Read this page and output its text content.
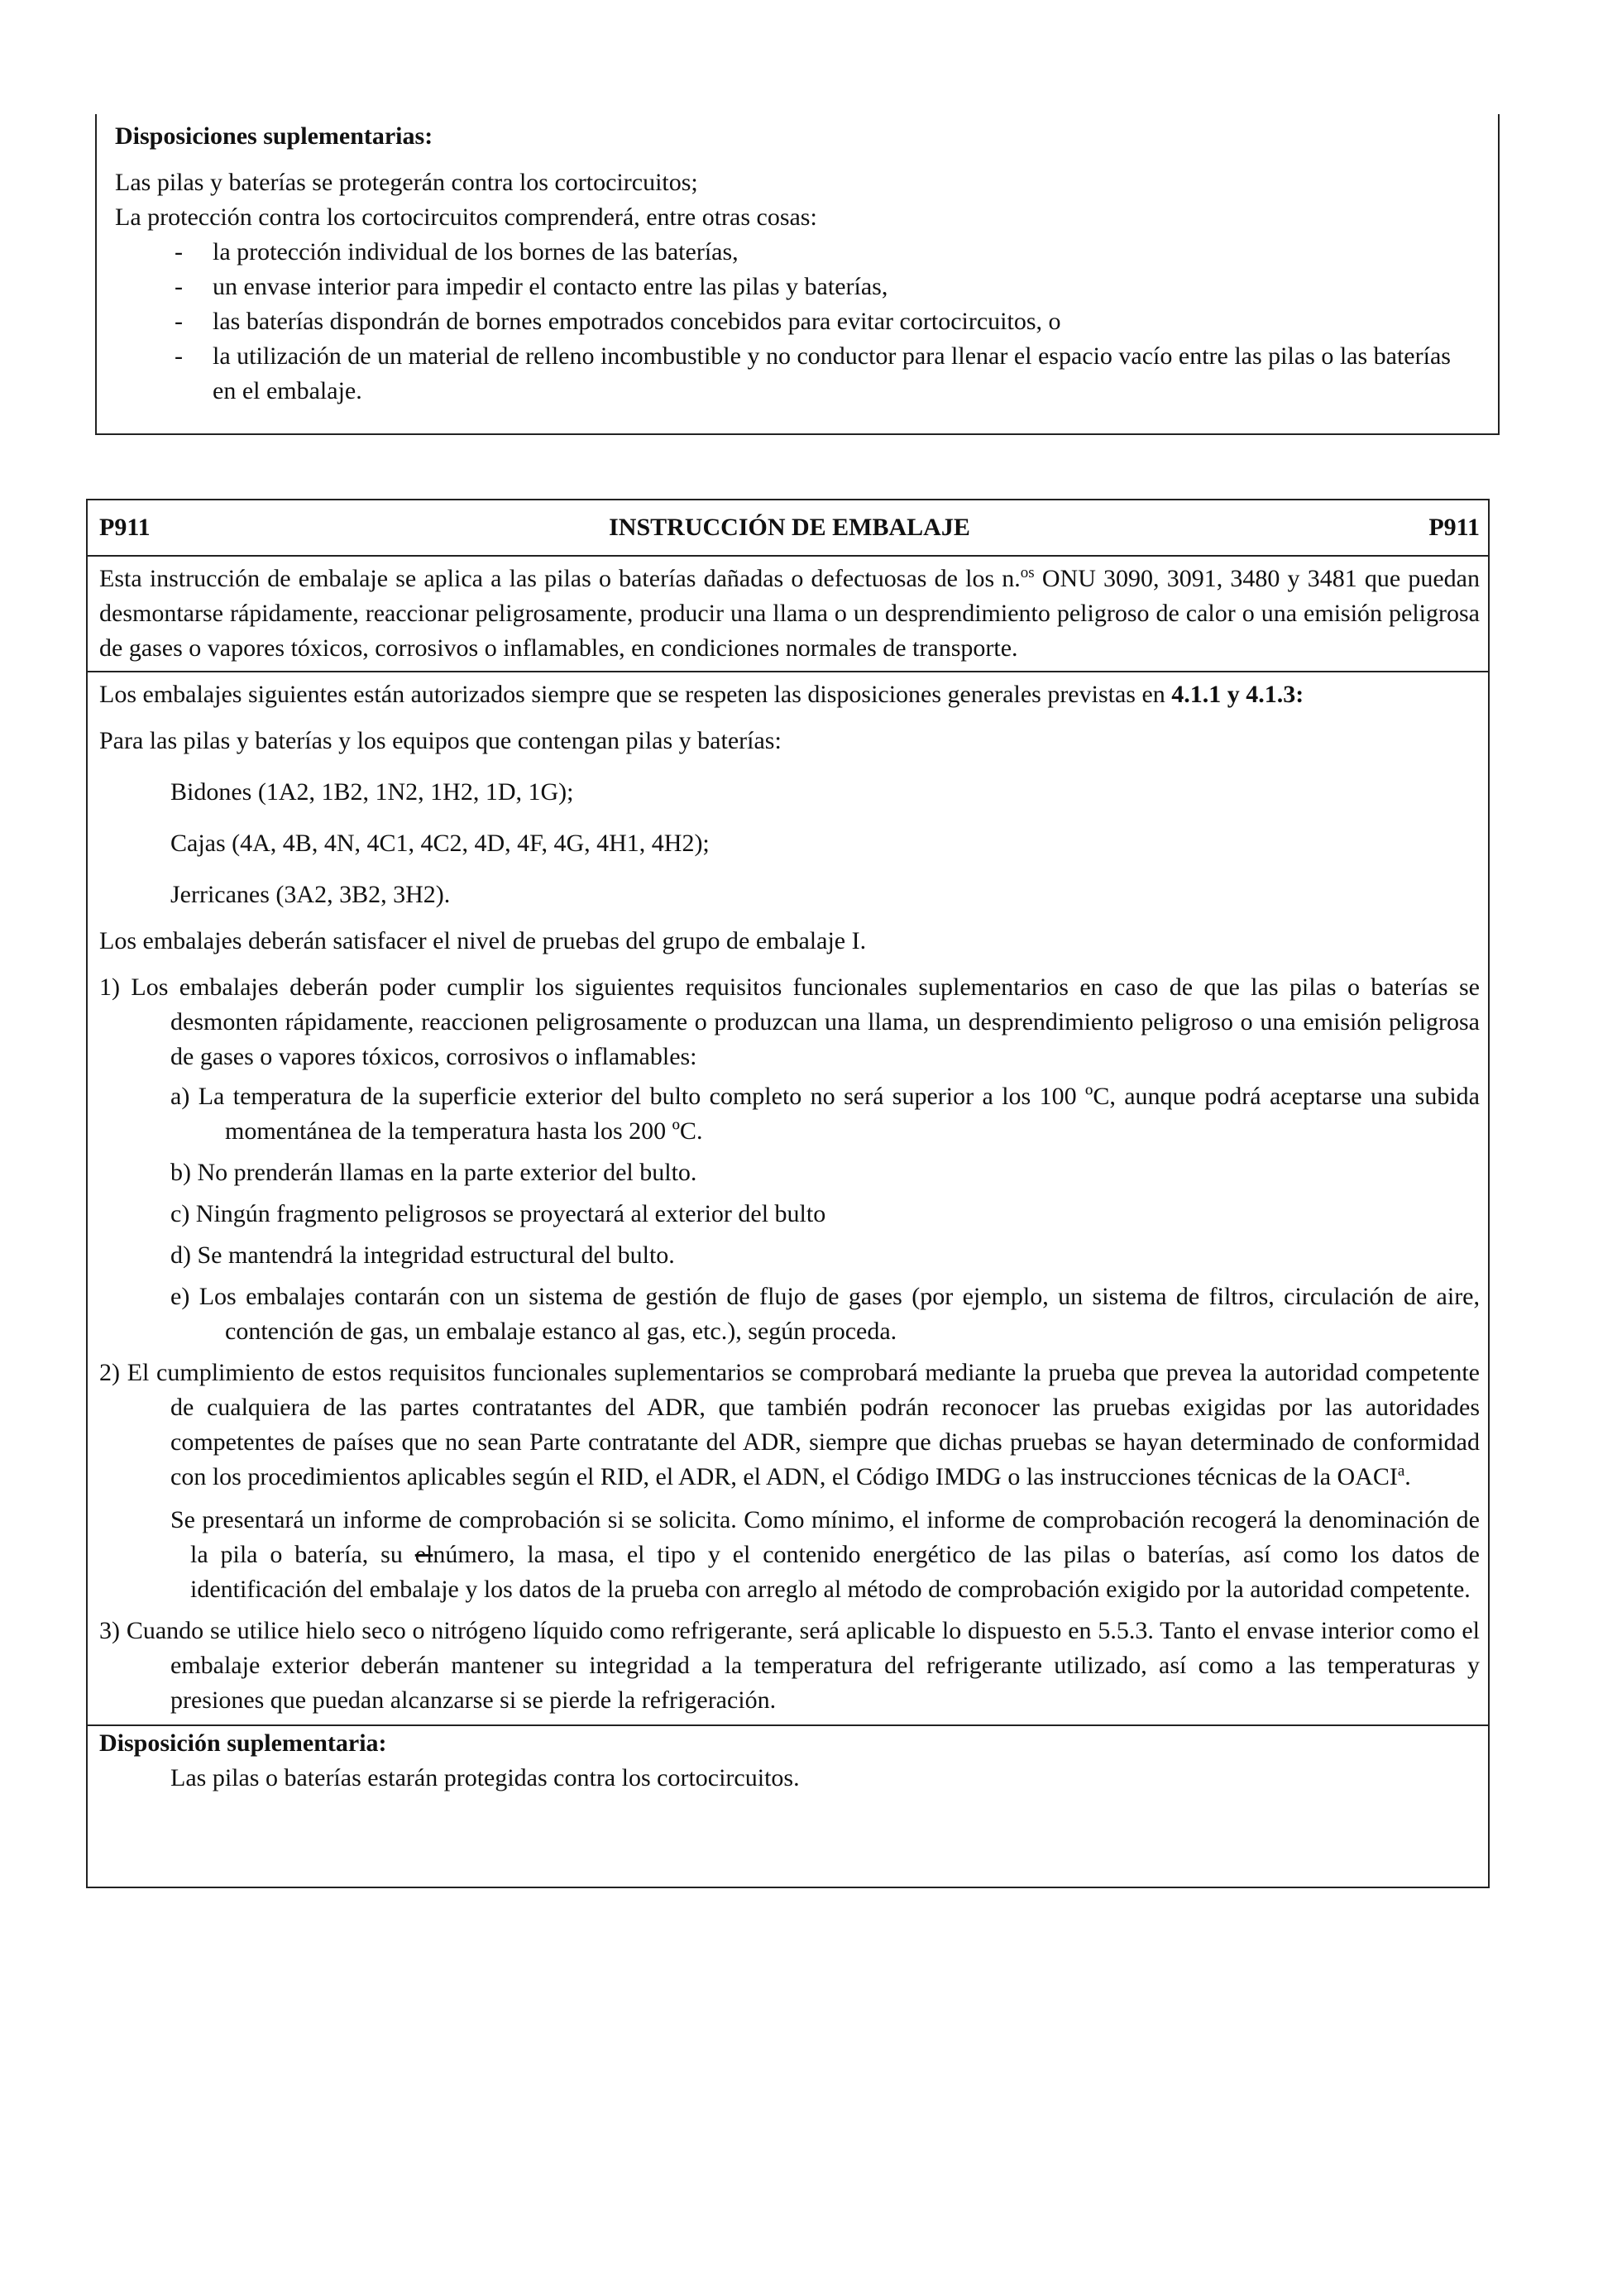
Disposiciones suplementarias:

Las pilas y baterías se protegerán contra los cortocircuitos;

La protección contra los cortocircuitos comprenderá, entre otras cosas:

- la protección individual de los bornes de las baterías,
- un envase interior para impedir el contacto entre las pilas y baterías,
- las baterías dispondrán de bornes empotrados concebidos para evitar cortocircuitos, o
- la utilización de un material de relleno incombustible y no conductor para llenar el espacio vacío entre las pilas o las baterías en el embalaje.
P911	INSTRUCCIÓN DE EMBALAJE	P911

Esta instrucción de embalaje se aplica a las pilas o baterías dañadas o defectuosas de los n.$^{os}$ ONU 3090, 3091, 3480 y 3481 que puedan desmontarse rápidamente, reaccionar peligrosamente, producir una llama o un desprendimiento peligroso de calor o una emisión peligrosa de gases o vapores tóxicos, corrosivos o inflamables, en condiciones normales de transporte.

Los embalajes siguientes están autorizados siempre que se respeten las disposiciones generales previstas en 4.1.1 y 4.1.3:

Para las pilas y baterías y los equipos que contengan pilas y baterías:

Bidones (1A2, 1B2, 1N2, 1H2, 1D, 1G);

Cajas (4A, 4B, 4N, 4C1, 4C2, 4D, 4F, 4G, 4H1, 4H2);

Jerricanes (3A2, 3B2, 3H2).

Los embalajes deberán satisfacer el nivel de pruebas del grupo de embalaje I.

1) Los embalajes deberán poder cumplir los siguientes requisitos funcionales suplementarios en caso de que las pilas o baterías se desmonten rápidamente, reaccionen peligrosamente o produzcan una llama, un desprendimiento peligroso o una emisión peligrosa de gases o vapores tóxicos, corrosivos o inflamables:

a) La temperatura de la superficie exterior del bulto completo no será superior a los 100 ºC, aunque podrá aceptarse una subida momentánea de la temperatura hasta los 200 ºC.

b) No prenderán llamas en la parte exterior del bulto.

c) Ningún fragmento peligrosos se proyectará al exterior del bulto

d) Se mantendrá la integridad estructural del bulto.

e) Los embalajes contarán con un sistema de gestión de flujo de gases (por ejemplo, un sistema de filtros, circulación de aire, contención de gas, un embalaje estanco al gas, etc.), según proceda.

2) El cumplimiento de estos requisitos funcionales suplementarios se comprobará mediante la prueba que prevea la autoridad competente de cualquiera de las partes contratantes del ADR, que también podrán reconocer las pruebas exigidas por las autoridades competentes de países que no sean Parte contratante del ADR, siempre que dichas pruebas se hayan determinado de conformidad con los procedimientos aplicables según el RID, el ADR, el ADN, el Código IMDG o las instrucciones técnicas de la OACI$^a$.

Se presentará un informe de comprobación si se solicita. Como mínimo, el informe de comprobación recogerá la denominación de la pila o batería, su elnúmero, la masa, el tipo y el contenido energético de las pilas o baterías, así como los datos de identificación del embalaje y los datos de la prueba con arreglo al método de comprobación exigido por la autoridad competente.

3) Cuando se utilice hielo seco o nitrógeno líquido como refrigerante, será aplicable lo dispuesto en 5.5.3. Tanto el envase interior como el embalaje exterior deberán mantener su integridad a la temperatura del refrigerante utilizado, así como a las temperaturas y presiones que puedan alcanzarse si se pierde la refrigeración.

Disposición suplementaria:

Las pilas o baterías estarán protegidas contra los cortocircuitos.
